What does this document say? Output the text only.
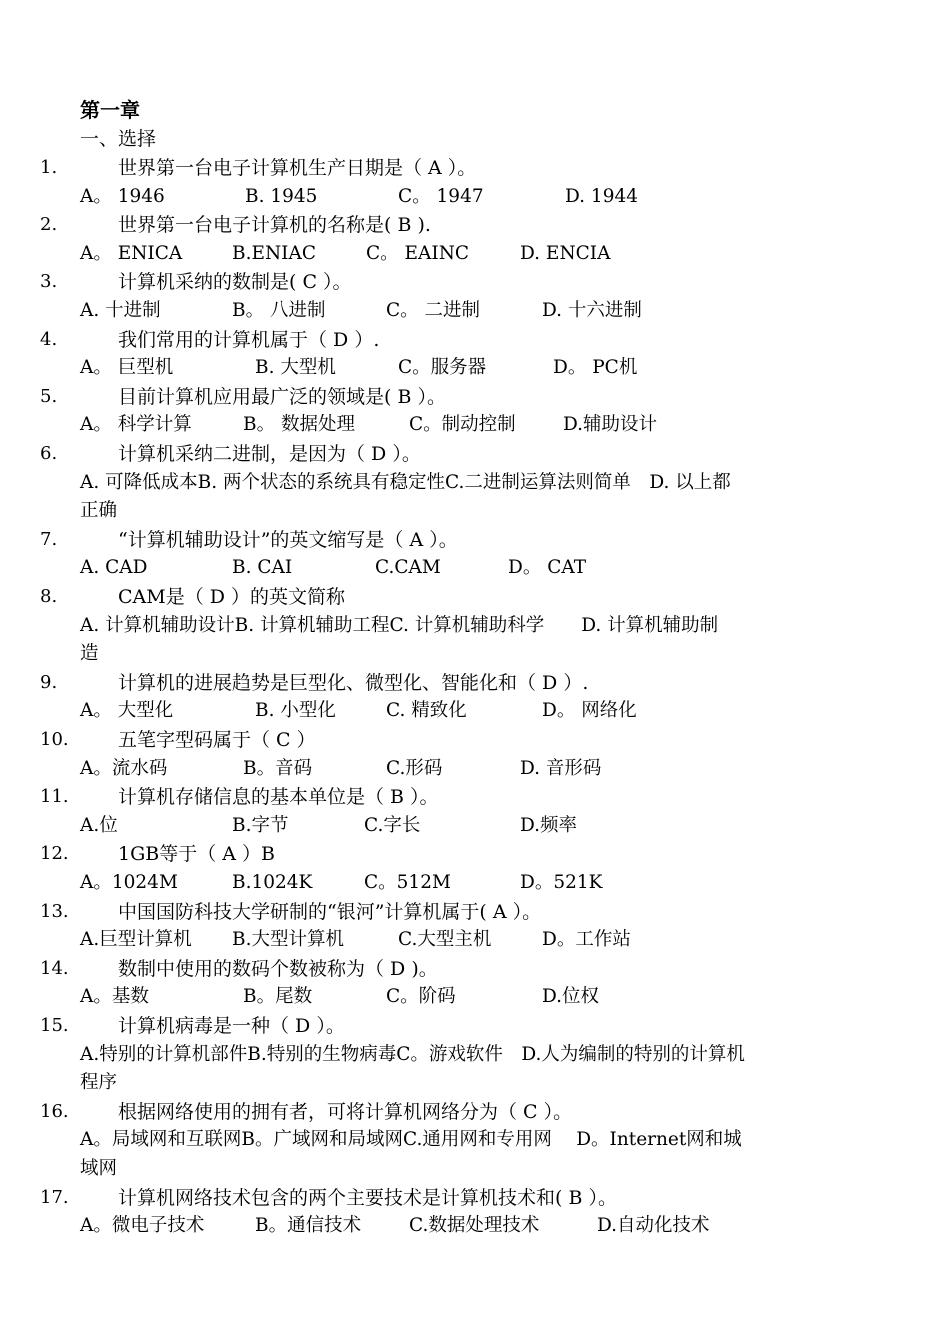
第一章
一、选择
1.	世界第一台电子计算机生产日期是（ A ）。
A。 1946	B. 1945	C。 1947	D. 1944
2.	世界第一台电子计算机的名称是( B ).
A。 ENICA	B.ENIAC	C。 EAINC	D. ENCIA
3.	计算机采纳的数制是( C ）。
A. 十进制	B。 八进制	C。 二进制	D. 十六进制
4.	我们常用的计算机属于（ D ）.
A。 巨型机	B. 大型机	C。服务器	D。 PC机
5.	目前计算机应用最广泛的领域是( B ）。
A。 科学计算	B。 数据处理	C。制动控制	D.辅助设计
6.	计算机采纳二进制，是因为（ D ）。
A. 可降低成本B. 两个状态的系统具有稳定性C.二进制运算法则简单　D. 以上都
正确
7.	“计算机辅助设计”的英文缩写是（ A ）。
A. CAD	B. CAI	C.CAM	D。 CAT
8.	CAM是（ D ）的英文简称
A. 计算机辅助设计B. 计算机辅助工程C. 计算机辅助科学　　D. 计算机辅助制
造
9.	计算机的进展趋势是巨型化、微型化、智能化和（ D ）.
A。 大型化	B. 小型化	C. 精致化	D。 网络化
10.	五笔字型码属于（ C ）
A。流水码	B。音码	C.形码	D. 音形码
11.	计算机存储信息的基本单位是（ B ）。
A.位	B.字节	C.字长	D.频率
12.	1GB等于（ A ）B
A。1024M	B.1024K	C。512M	D。521K
13.	中国国防科技大学研制的“银河”计算机属于( A ）。
A.巨型计算机 B.大型计算机	C.大型主机	D。工作站
14.	数制中使用的数码个数被称为（ D )。
A。基数	B。尾数	C。阶码	D.位权
15.	计算机病毒是一种（ D ）。
A.特别的计算机部件B.特别的生物病毒C。游戏软件　D.人为编制的特别的计算机
程序
16.	根据网络使用的拥有者，可将计算机网络分为（ C ）。
A。局域网和互联网B。广域网和局域网C.通用网和专用网　 D。Internet网和城
域网
17.	计算机网络技术包含的两个主要技术是计算机技术和( B ）。
A。微电子技术	B。通信技术	C.数据处理技术	D.自动化技术
